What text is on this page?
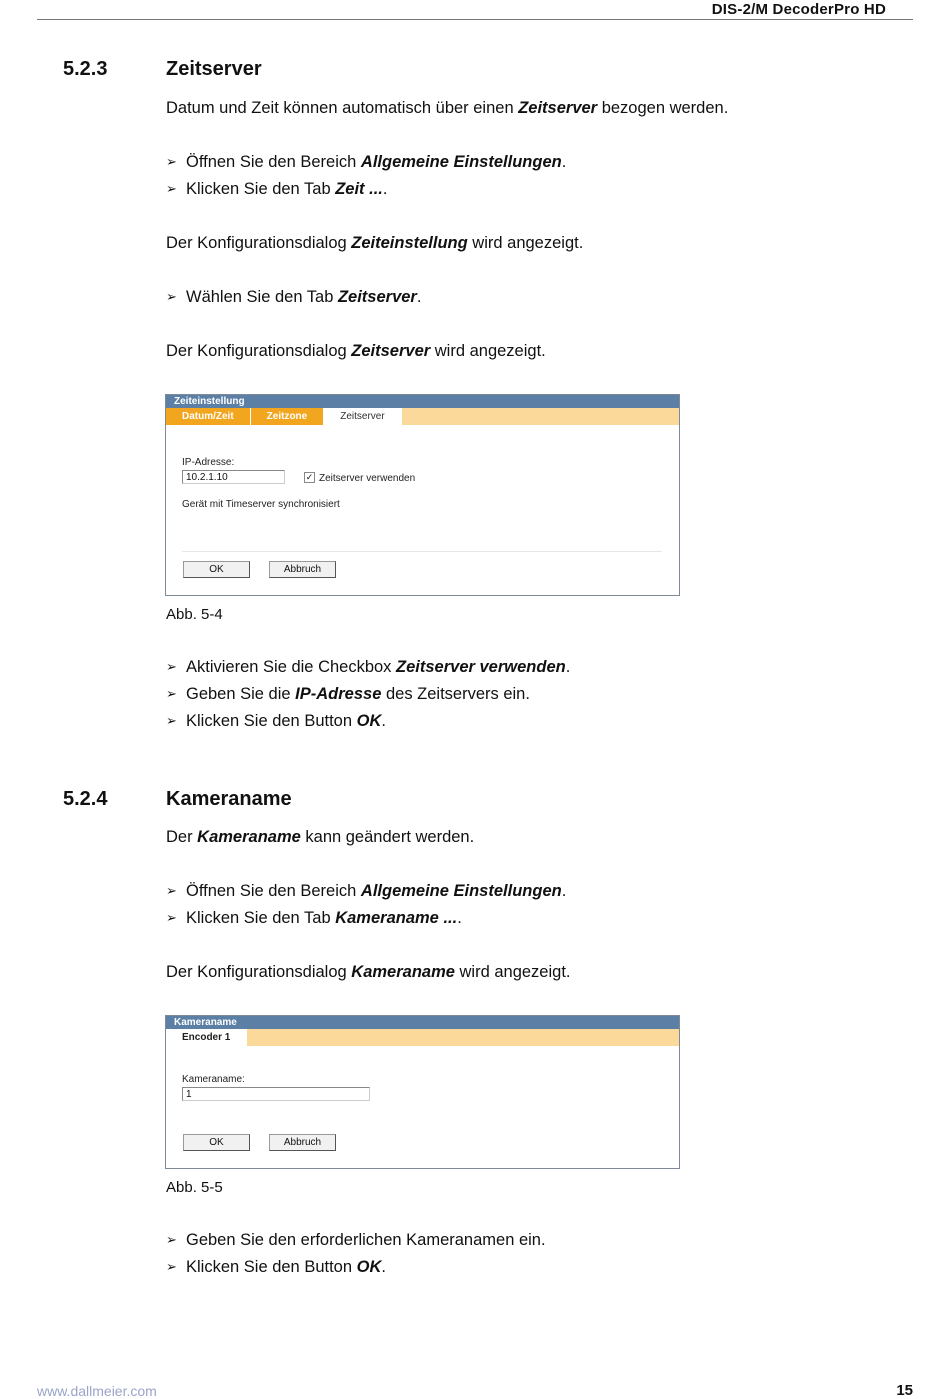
DIS-2/M DecoderPro HD
5.2.3	Zeitserver
Datum und Zeit können automatisch über einen Zeitserver bezogen werden.
➢ Öffnen Sie den Bereich Allgemeine Einstellungen.
➢ Klicken Sie den Tab Zeit ....
Der Konfigurationsdialog Zeiteinstellung wird angezeigt.
➢ Wählen Sie den Tab Zeitserver.
Der Konfigurationsdialog Zeitserver wird angezeigt.
Zeiteinstellung
Datum/Zeit	Zeitzone	Zeitserver
IP-Adresse:
10.2.1.10	✓ Zeitserver verwenden
Gerät mit Timeserver synchronisiert
OK	Abbruch
Abb. 5-4
➢ Aktivieren Sie die Checkbox Zeitserver verwenden.
➢ Geben Sie die IP-Adresse des Zeitservers ein.
➢ Klicken Sie den Button OK.
5.2.4	Kameraname
Der Kameraname kann geändert werden.
➢ Öffnen Sie den Bereich Allgemeine Einstellungen.
➢ Klicken Sie den Tab Kameraname ....
Der Konfigurationsdialog Kameraname wird angezeigt.
Kameraname
Encoder 1
Kameraname:
1
OK	Abbruch
Abb. 5-5
➢ Geben Sie den erforderlichen Kameranamen ein.
➢ Klicken Sie den Button OK.
www.dallmeier.com	15
